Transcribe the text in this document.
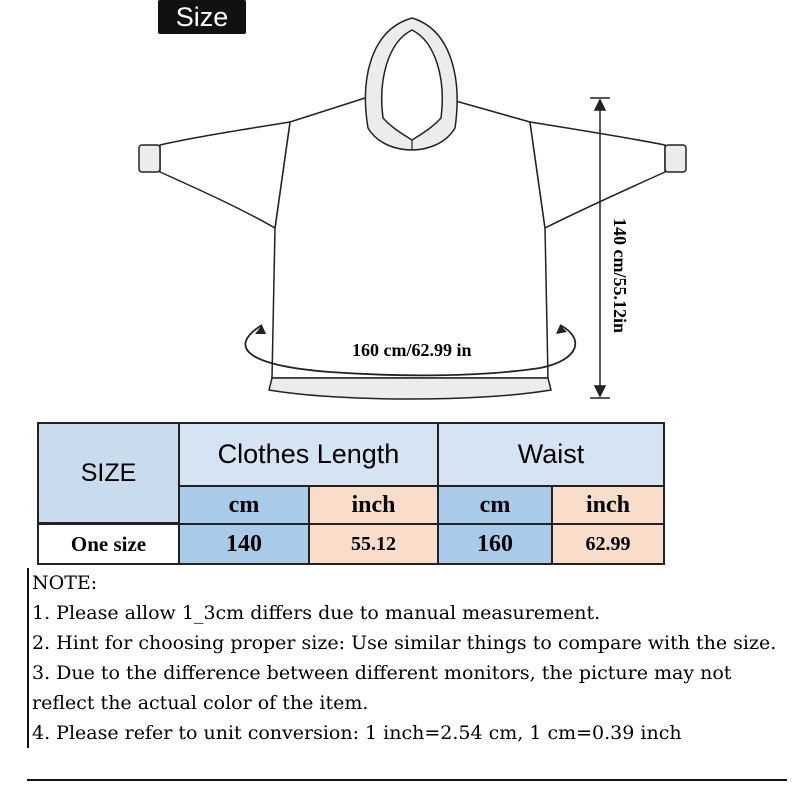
Size
140 cm/55.12in
160 cm/62.99 in
SIZE
Clothes Length	Waist
cm	inch	cm	inch
One size	140	55.12	160	62.99

NOTE:

1. Please allow 1_3cm differs due to manual measurement.

2. Hint for choosing proper size: Use similar things to compare with the size.

3. Due to the difference between different monitors, the picture may not reflect the actual color of the item.

4. Please refer to unit conversion: 1 inch=2.54 cm, 1 cm=0.39 inch
